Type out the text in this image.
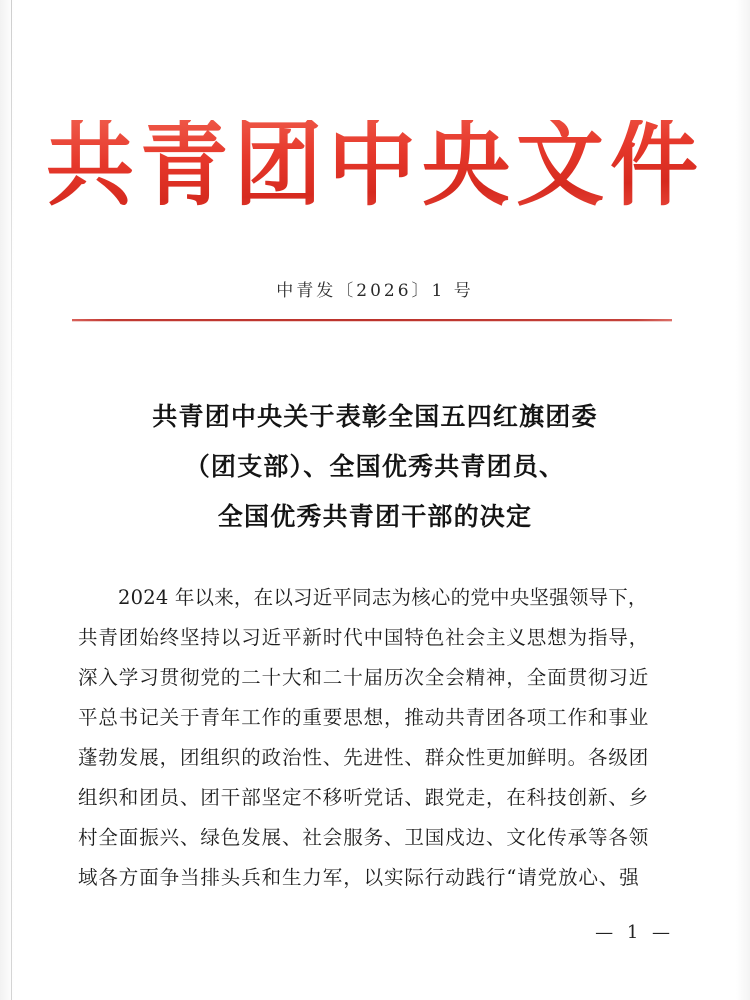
共青团中央文件
中青发〔2026〕1 号
共青团中央关于表彰全国五四红旗团委
（团支部）、全国优秀共青团员、
全国优秀共青团干部的决定
2024 年以来，在以习近平同志为核心的党中央坚强领导下，
共青团始终坚持以习近平新时代中国特色社会主义思想为指导，
深入学习贯彻党的二十大和二十届历次全会精神，全面贯彻习近
平总书记关于青年工作的重要思想，推动共青团各项工作和事业
蓬勃发展，团组织的政治性、先进性、群众性更加鲜明。各级团
组织和团员、团干部坚定不移听党话、跟党走，在科技创新、乡
村全面振兴、绿色发展、社会服务、卫国戍边、文化传承等各领
域各方面争当排头兵和生力军，以实际行动践行“请党放心、强
— 1 —
